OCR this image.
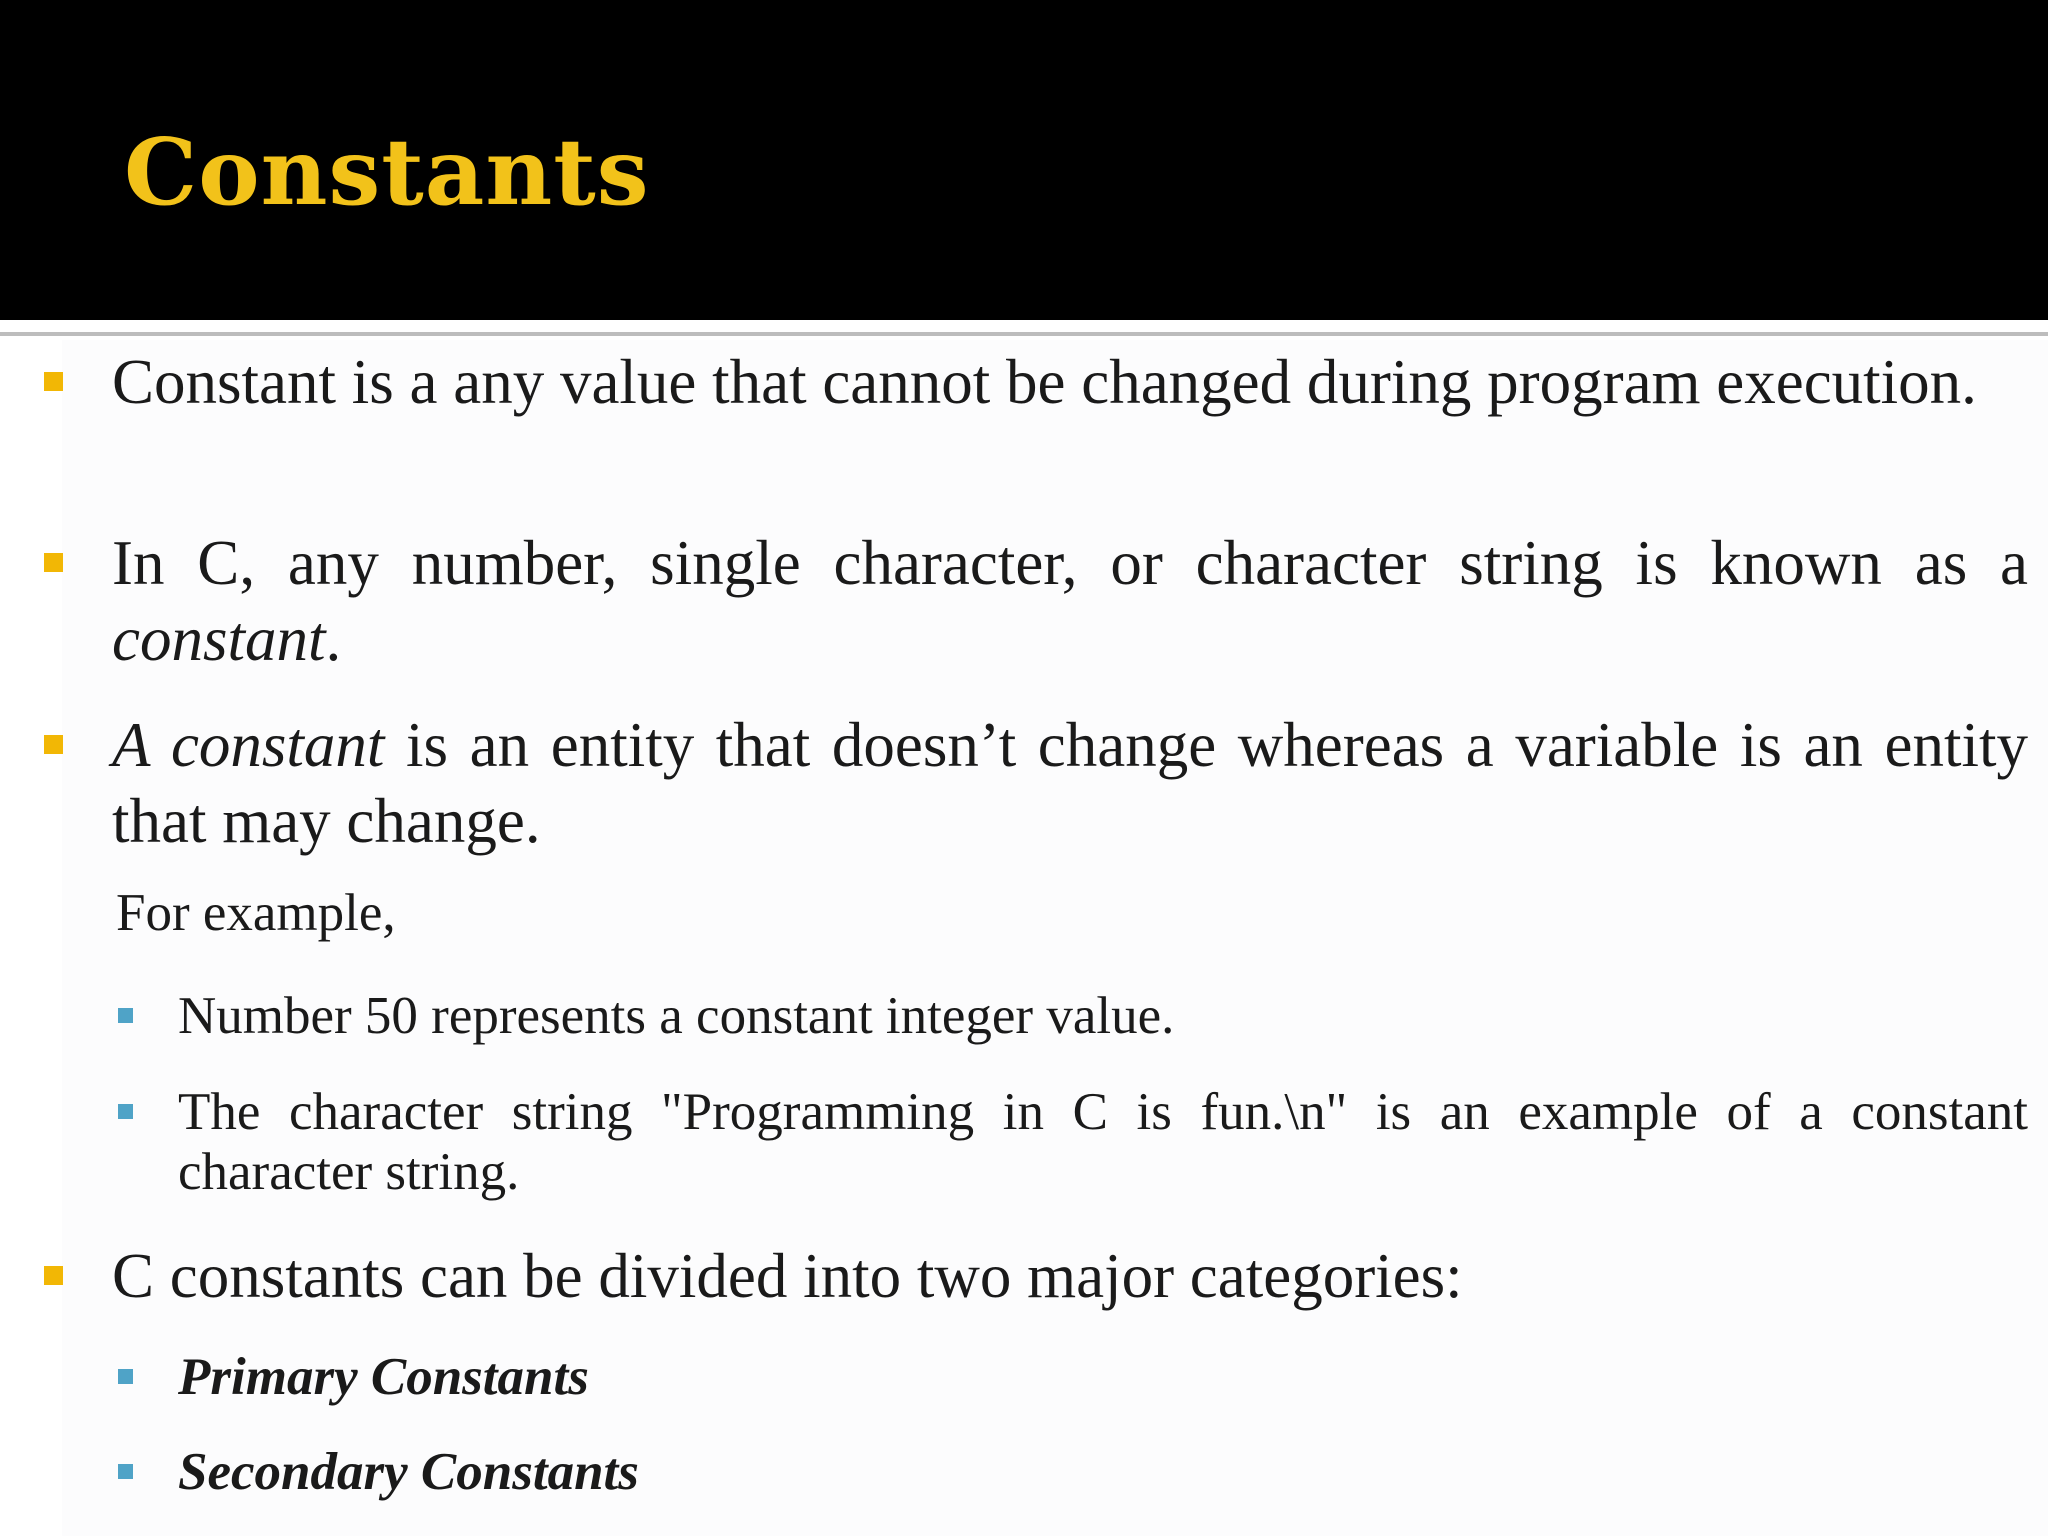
Constants
Constant is a any value that cannot be changed during program execution.
In C, any number, single character, or character string is known as a constant.
A constant is an entity that doesn’t change whereas a variable is an entity that may change.
For example,
Number 50 represents a constant integer value.
The character string "Programming in C is fun.\n" is an example of a constant character string.
C constants can be divided into two major categories:
Primary Constants
Secondary Constants
